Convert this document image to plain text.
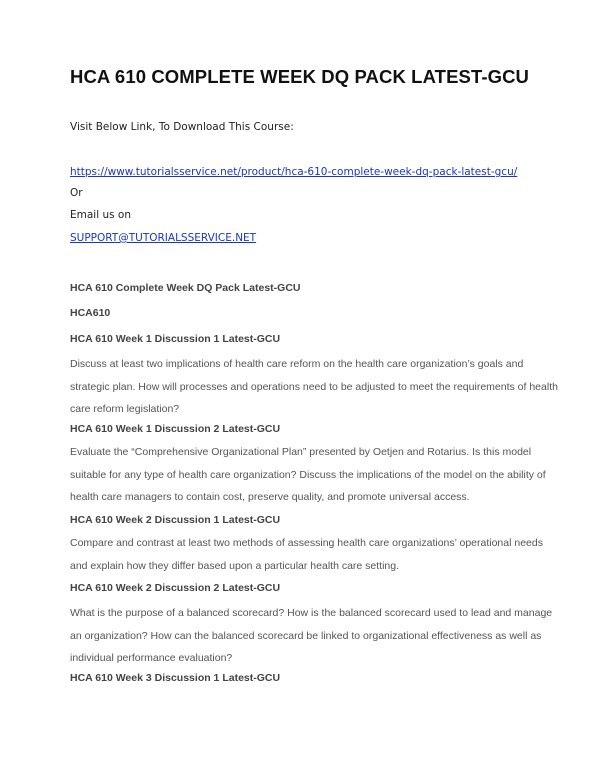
HCA 610 COMPLETE WEEK DQ PACK LATEST-GCU
Visit Below Link, To Download This Course:
https://www.tutorialsservice.net/product/hca-610-complete-week-dq-pack-latest-gcu/
Or
Email us on
SUPPORT@TUTORIALSSERVICE.NET
HCA 610 Complete Week DQ Pack Latest-GCU
HCA610
HCA 610 Week 1 Discussion 1 Latest-GCU
Discuss at least two implications of health care reform on the health care organization’s goals and
strategic plan. How will processes and operations need to be adjusted to meet the requirements of health
care reform legislation?
HCA 610 Week 1 Discussion 2 Latest-GCU
Evaluate the “Comprehensive Organizational Plan” presented by Oetjen and Rotarius. Is this model
suitable for any type of health care organization? Discuss the implications of the model on the ability of
health care managers to contain cost, preserve quality, and promote universal access.
HCA 610 Week 2 Discussion 1 Latest-GCU
Compare and contrast at least two methods of assessing health care organizations’ operational needs
and explain how they differ based upon a particular health care setting.
HCA 610 Week 2 Discussion 2 Latest-GCU
What is the purpose of a balanced scorecard? How is the balanced scorecard used to lead and manage
an organization? How can the balanced scorecard be linked to organizational effectiveness as well as
individual performance evaluation?
HCA 610 Week 3 Discussion 1 Latest-GCU
